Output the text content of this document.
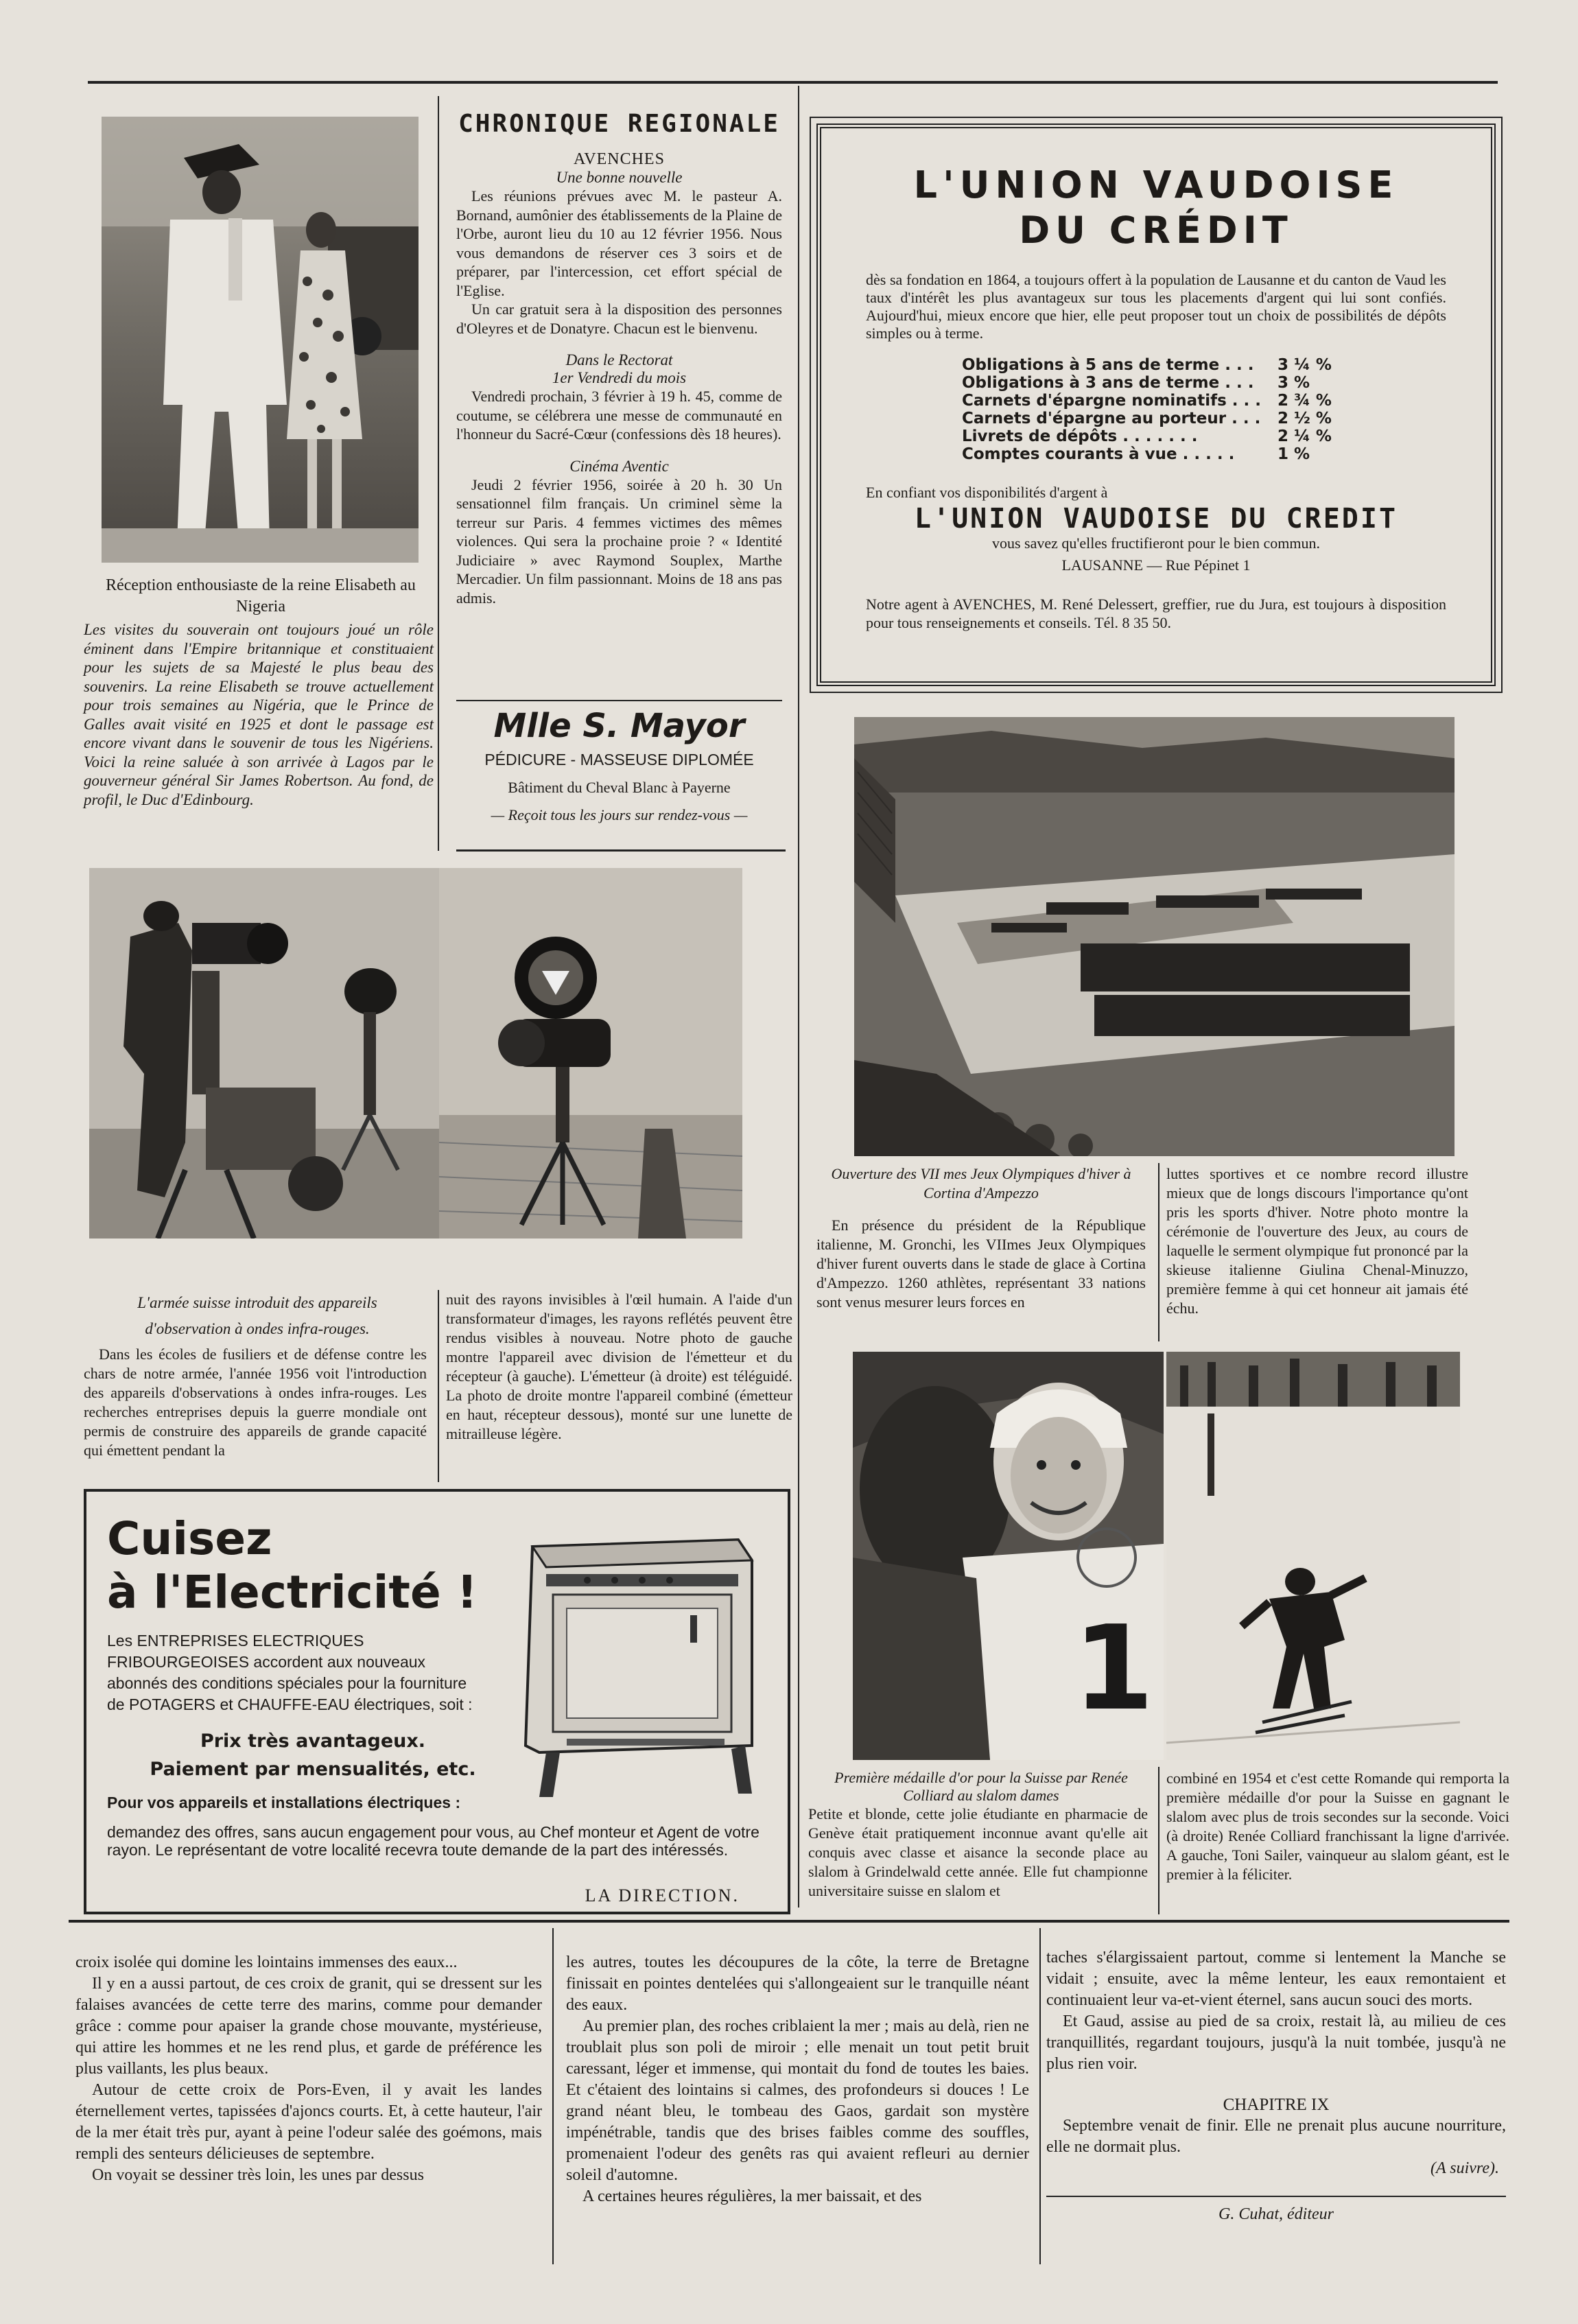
Réception enthousiaste de la reine Elisabeth au Nigeria
Les visites du souverain ont toujours joué un rôle éminent dans l'Empire britannique et constituaient pour les sujets de sa Majesté le plus beau des souvenirs. La reine Elisabeth se trouve actuellement pour trois semaines au Nigéria, que le Prince de Galles avait visité en 1925 et dont le passage est encore vivant dans le souvenir de tous les Nigériens. Voici la reine saluée à son arrivée à Lagos par le gouverneur général Sir James Robertson. Au fond, de profil, le Duc d'Edinbourg.
CHRONIQUE REGIONALE
AVENCHES
Une bonne nouvelle

Les réunions prévues avec M. le pasteur A. Bornand, aumônier des établissements de la Plaine de l'Orbe, auront lieu du 10 au 12 février 1956. Nous vous demandons de réserver ces 3 soirs et de préparer, par l'intercession, cet effort spécial de l'Eglise.

Un car gratuit sera à la disposition des personnes d'Oleyres et de Donatyre. Chacun est le bienvenu.

Dans le Rectorat
1er Vendredi du mois

Vendredi prochain, 3 février à 19 h. 45, comme de coutume, se célébrera une messe de communauté en l'honneur du Sacré-Cœur (confessions dès 18 heures).

Cinéma Aventic

Jeudi 2 février 1956, soirée à 20 h. 30 Un sensationnel film français. Un criminel sème la terreur sur Paris. 4 femmes victimes des mêmes violences. Qui sera la prochaine proie ? « Identité Judiciaire » avec Raymond Souplex, Marthe Mercadier. Un film passionnant. Moins de 18 ans pas admis.

Mlle S. Mayor
PÉDICURE - MASSEUSE DIPLOMÉE
Bâtiment du Cheval Blanc à Payerne
— Reçoit tous les jours sur rendez-vous —
L'UNION VAUDOISE
DU CRÉDIT
dès sa fondation en 1864, a toujours offert à la population de Lausanne et du canton de Vaud les taux d'intérêt les plus avantageux sur tous les placements d'argent qui lui sont confiés. Aujourd'hui, mieux encore que hier, elle peut proposer tout un choix de possibilités de dépôts simples ou à terme.
Obligations à 5 ans de terme . . .	3 ¼ %
Obligations à 3 ans de terme . . .	3 %
Carnets d'épargne nominatifs . . .	2 ¾ %
Carnets d'épargne au porteur . . .	2 ½ %
Livrets de dépôts . . . . . . .	2 ¼ %
Comptes courants à vue . . . . .	1 %
En confiant vos disponibilités d'argent à
L'UNION VAUDOISE DU CREDIT
vous savez qu'elles fructifieront pour le bien commun.
LAUSANNE — Rue Pépinet 1
Notre agent à AVENCHES, M. René Delessert, greffier, rue du Jura, est toujours à disposition pour tous renseignements et conseils. Tél. 8 35 50.
Ouverture des VII mes Jeux Olympiques d'hiver à Cortina d'Ampezzo

En présence du président de la République italienne, M. Gronchi, les VIImes Jeux Olympiques d'hiver furent ouverts dans le stade de glace à Cortina d'Ampezzo. 1260 athlètes, représentant 33 nations sont venus mesurer leurs forces en

luttes sportives et ce nombre record illustre mieux que de longs discours l'importance qu'ont pris les sports d'hiver. Notre photo montre la cérémonie de l'ouverture des Jeux, au cours de laquelle le serment olympique fut prononcé par la skieuse italienne Giulina Chenal-Minuzzo, première femme à qui cet honneur ait jamais été échu.

L'armée suisse introduit des appareils d'observation à ondes infra-rouges.

Dans les écoles de fusiliers et de défense contre les chars de notre armée, l'année 1956 voit l'introduction des appareils d'observations à ondes infra-rouges. Les recherches entreprises depuis la guerre mondiale ont permis de construire des appareils de grande capacité qui émettent pendant la

nuit des rayons invisibles à l'œil humain. A l'aide d'un transformateur d'images, les rayons reflétés peuvent être rendus visibles à nouveau. Notre photo de gauche montre l'appareil avec division de l'émetteur et du récepteur (à gauche). L'émetteur (à droite) est téléguidé. La photo de droite montre l'appareil combiné (émetteur en haut, récepteur dessous), monté sur une lunette de mitrailleuse légère.

Cuisez
à l'Electricité !
Les ENTREPRISES ELECTRIQUES FRIBOURGEOISES accordent aux nouveaux abonnés des conditions spéciales pour la fourniture de POTAGERS et CHAUFFE-EAU électriques, soit :
Prix très avantageux.
Paiement par mensualités, etc.
Pour vos appareils et installations électriques :
demandez des offres, sans aucun engagement pour vous, au Chef monteur et Agent de votre rayon. Le représentant de votre localité recevra toute demande de la part des intéressés.
LA DIRECTION.
1
Première médaille d'or pour la Suisse par Renée Colliard au slalom dames

Petite et blonde, cette jolie étudiante en pharmacie de Genève était pratiquement inconnue avant qu'elle ait conquis avec classe et aisance la seconde place au slalom à Grindelwald cette année. Elle fut championne universitaire suisse en slalom et

combiné en 1954 et c'est cette Romande qui remporta la première médaille d'or pour la Suisse en gagnant le slalom avec plus de trois secondes sur la seconde. Voici (à droite) Renée Colliard franchissant la ligne d'arrivée. A gauche, Toni Sailer, vainqueur au slalom géant, est le premier à la féliciter.

croix isolée qui domine les lointains immenses des eaux...

Il y en a aussi partout, de ces croix de granit, qui se dressent sur les falaises avancées de cette terre des marins, comme pour demander grâce : comme pour apaiser la grande chose mouvante, mystérieuse, qui attire les hommes et ne les rend plus, et garde de préférence les plus vaillants, les plus beaux.

Autour de cette croix de Pors-Even, il y avait les landes éternellement vertes, tapissées d'ajoncs courts. Et, à cette hauteur, l'air de la mer était très pur, ayant à peine l'odeur salée des goémons, mais rempli des senteurs délicieuses de septembre.

On voyait se dessiner très loin, les unes par dessus

les autres, toutes les découpures de la côte, la terre de Bretagne finissait en pointes dentelées qui s'allongeaient sur le tranquille néant des eaux.

Au premier plan, des roches criblaient la mer ; mais au delà, rien ne troublait plus son poli de miroir ; elle menait un tout petit bruit caressant, léger et immense, qui montait du fond de toutes les baies. Et c'étaient des lointains si calmes, des profondeurs si douces ! Le grand néant bleu, le tombeau des Gaos, gardait son mystère impénétrable, tandis que des brises faibles comme des souffles, promenaient l'odeur des genêts ras qui avaient refleuri au dernier soleil d'automne.

A certaines heures régulières, la mer baissait, et des

taches s'élargissaient partout, comme si lentement la Manche se vidait ; ensuite, avec la même lenteur, les eaux remontaient et continuaient leur va-et-vient éternel, sans aucun souci des morts.

Et Gaud, assise au pied de sa croix, restait là, au milieu de ces tranquillités, regardant toujours, jusqu'à la nuit tombée, jusqu'à ne plus rien voir.

CHAPITRE IX

Septembre venait de finir. Elle ne prenait plus aucune nourriture, elle ne dormait plus.

(A suivre).
G. Cuhat, éditeur
